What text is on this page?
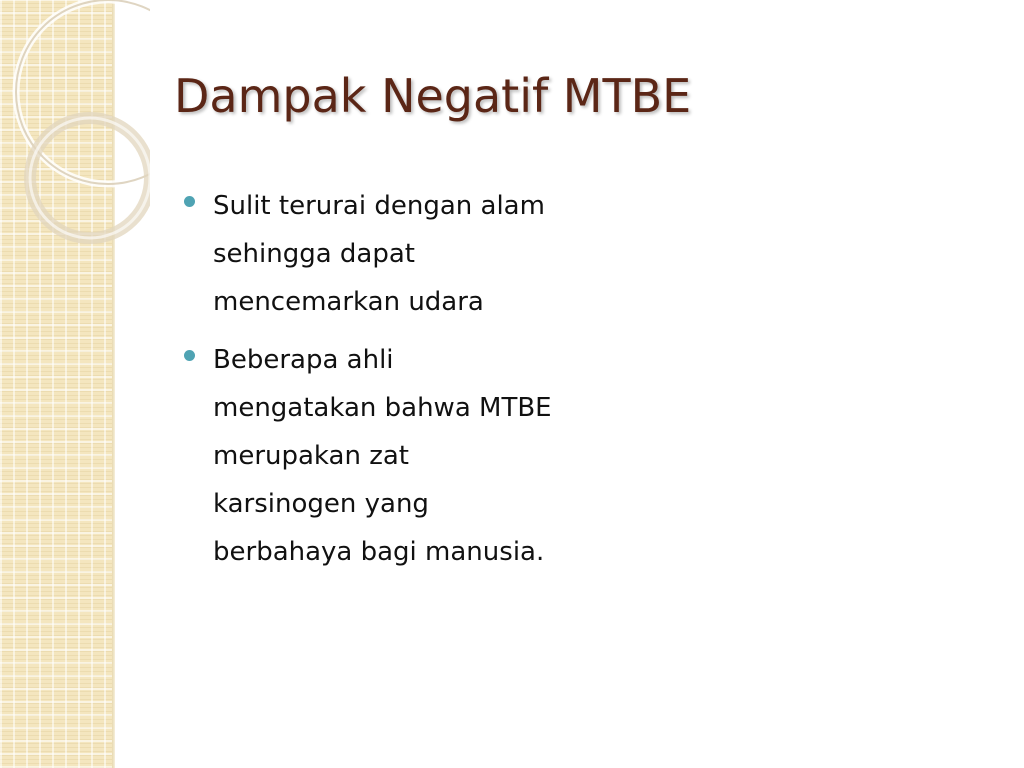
Dampak Negatif MTBE
Sulit terurai dengan alam sehingga dapat mencemarkan udara
Beberapa ahli mengatakan bahwa MTBE merupakan zat karsinogen yang berbahaya bagi manusia.
